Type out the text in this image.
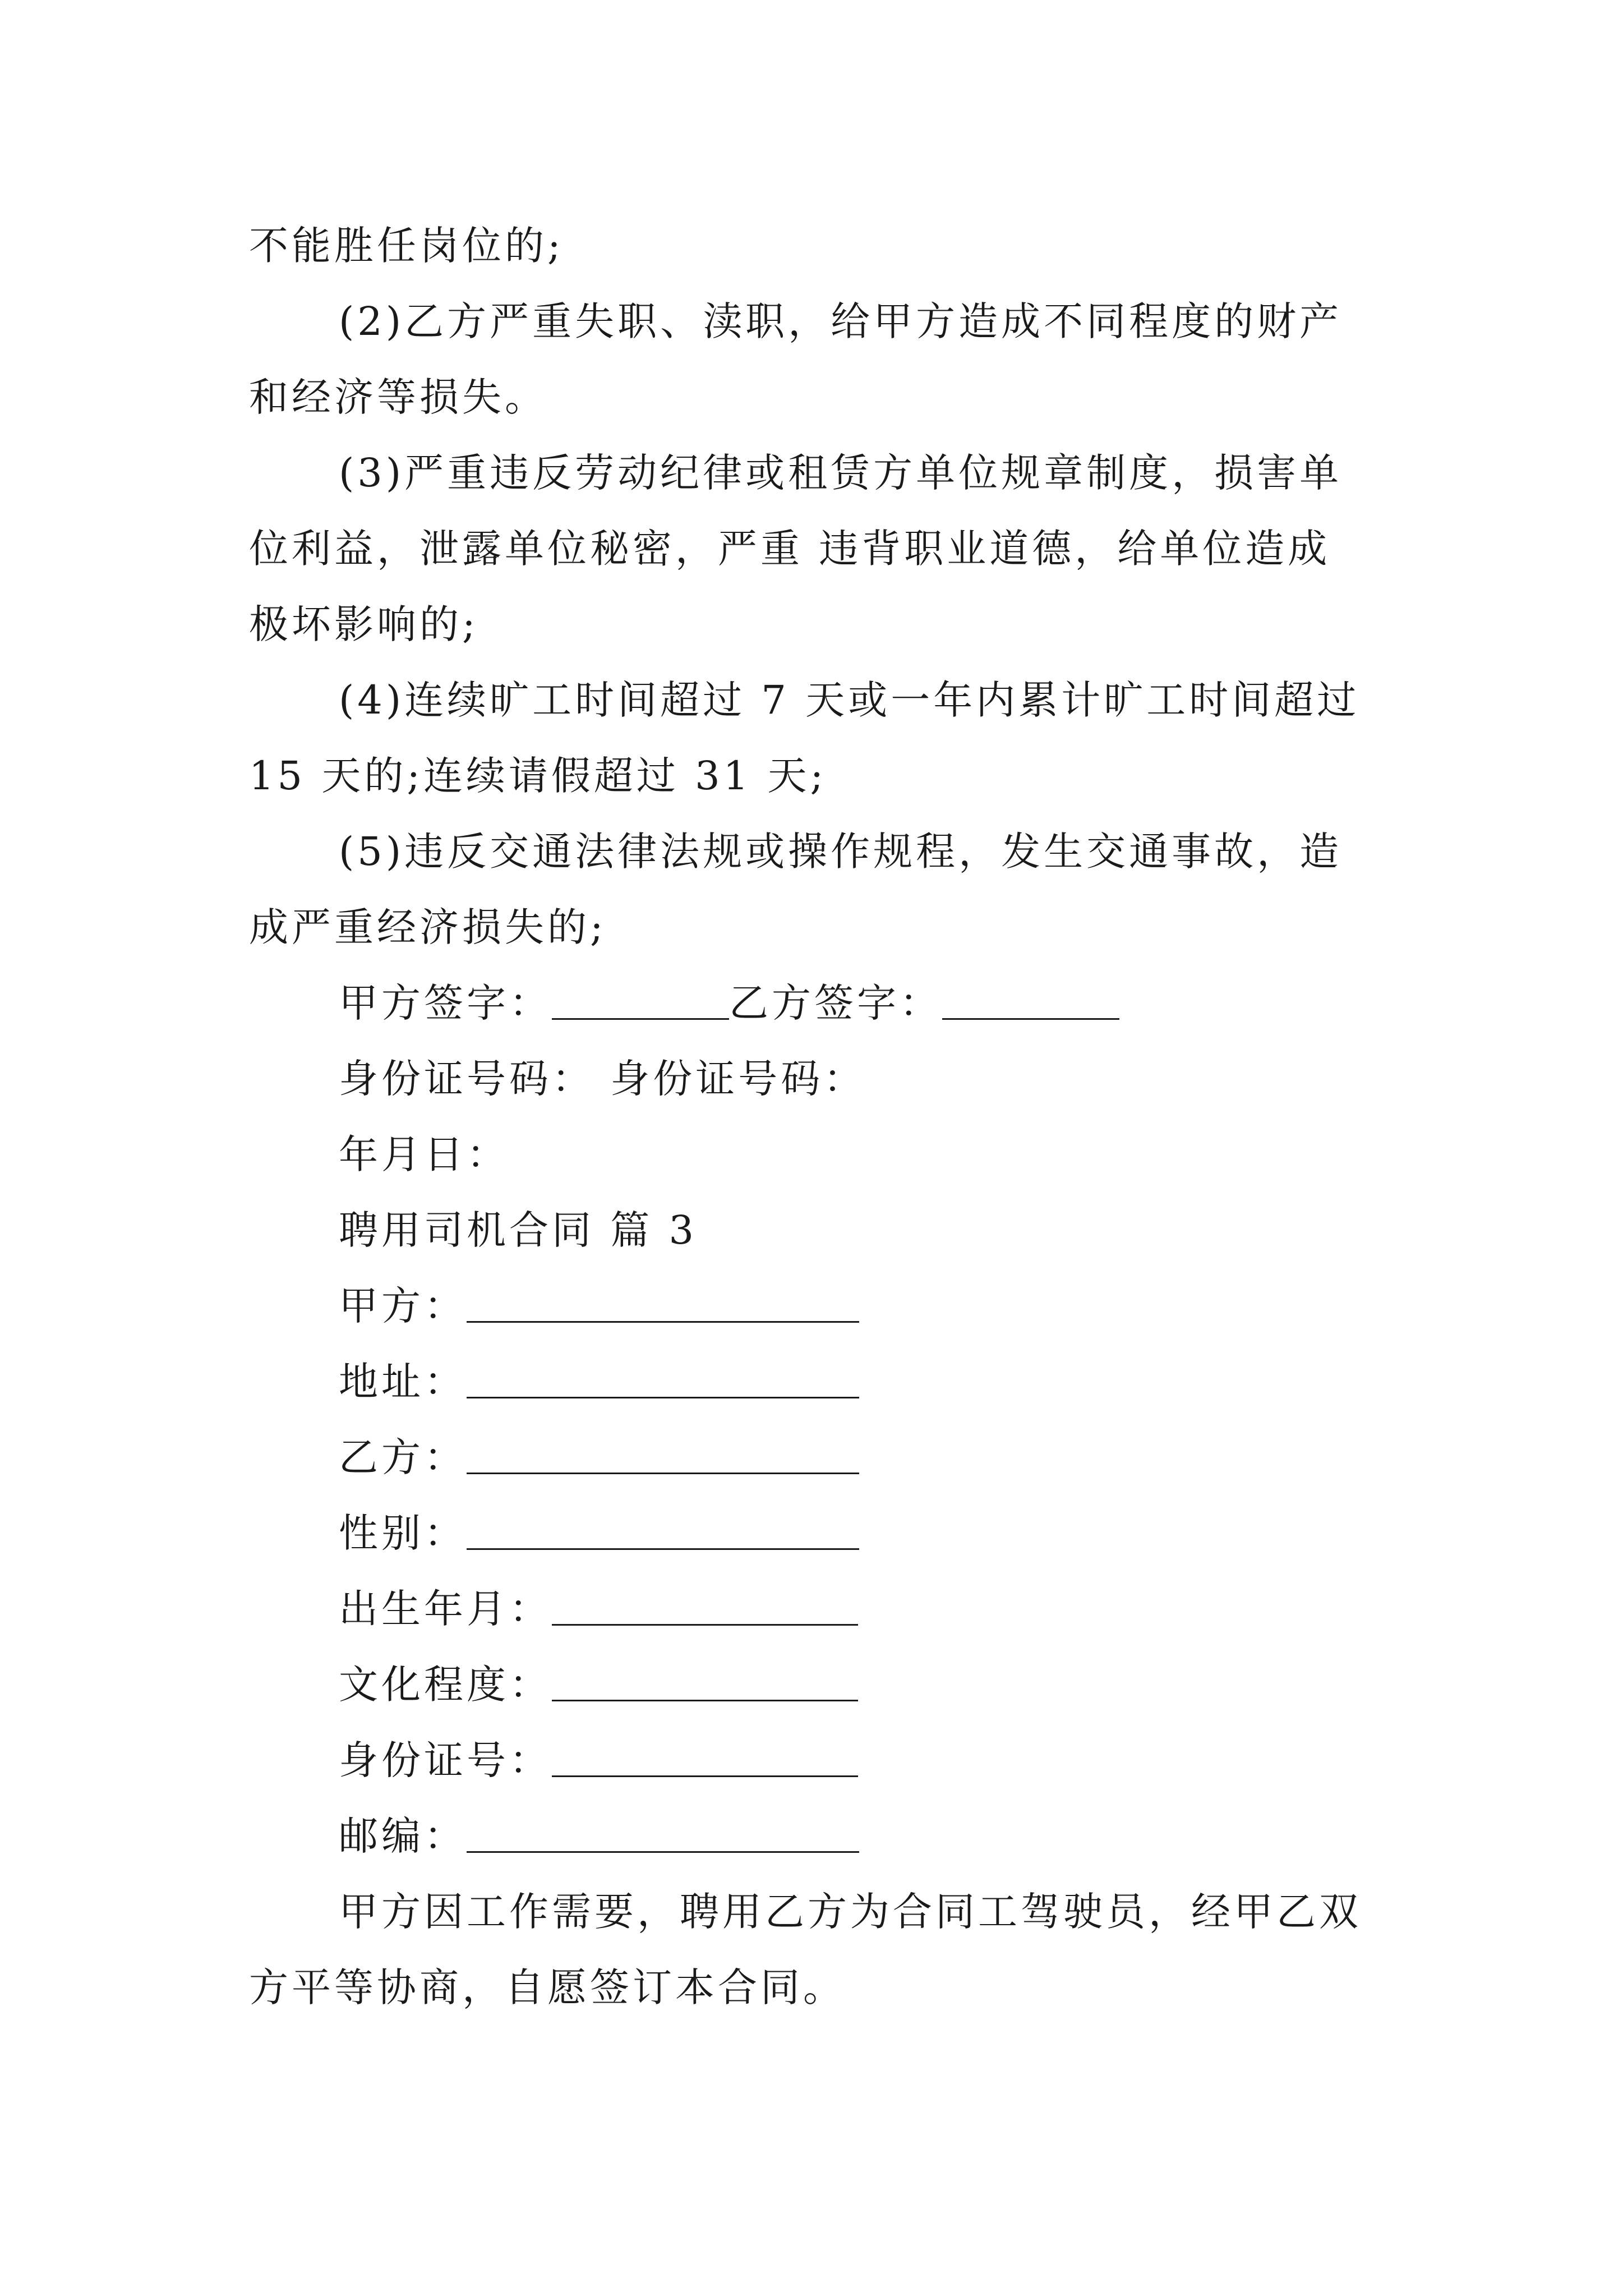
不能胜任岗位的;
(2)乙方严重失职、渎职，给甲方造成不同程度的财产
和经济等损失。
(3)严重违反劳动纪律或租赁方单位规章制度，损害单
位利益，泄露单位秘密，严重 违背职业道德，给单位造成
极坏影响的;
(4)连续旷工时间超过 7 天或一年内累计旷工时间超过
15 天的;连续请假超过 31 天;
(5)违反交通法律法规或操作规程，发生交通事故，造
成严重经济损失的;
甲方签字：	乙方签字：
身份证号码： 身份证号码：
年月日：
聘用司机合同 篇 3
甲方：
地址：
乙方：
性别：
出生年月：
文化程度：
身份证号：
邮编：
甲方因工作需要，聘用乙方为合同工驾驶员，经甲乙双
方平等协商，自愿签订本合同。
